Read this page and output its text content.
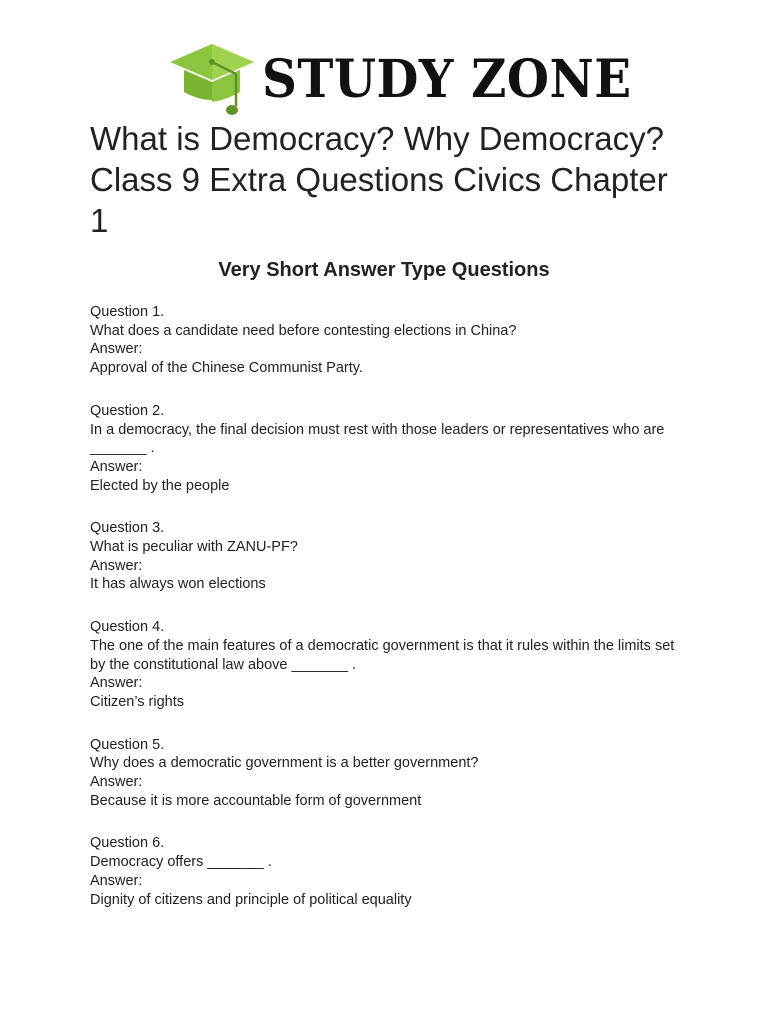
STUDY ZONE
What is Democracy? Why Democracy? Class 9 Extra Questions Civics Chapter 1
Very Short Answer Type Questions

Question 1.

What does a candidate need before contesting elections in China?

Answer:

Approval of the Chinese Communist Party.

Question 2.

In a democracy, the final decision must rest with those leaders or representatives who are _______ .

Answer:

Elected by the people

Question 3.

What is peculiar with ZANU-PF?

Answer:

It has always won elections

Question 4.

The one of the main features of a democratic government is that it rules within the limits set by the constitutional law above _______ .

Answer:

Citizen’s rights

Question 5.

Why does a democratic government is a better government?

Answer:

Because it is more accountable form of government

Question 6.

Democracy offers _______ .

Answer:

Dignity of citizens and principle of political equality
